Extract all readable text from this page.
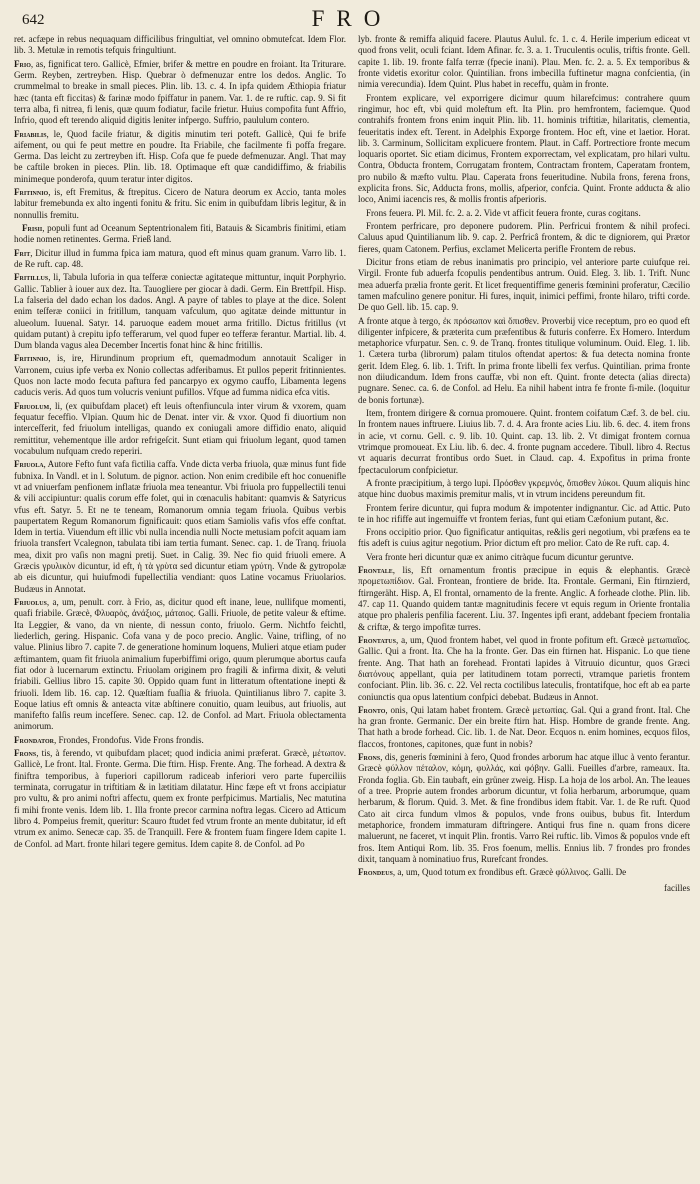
642	FRO

ret. acfæpe in rebus nequaquam difficilibus fringultiat, vel omnino obmutefcat. Idem Flor. lib. 3. Metulæ in remotis tefquis fringultiunt.

Frio, as, fignificat tero. Gallicè, Efmier, brifer & mettre en poudre en froiant. Ita Triturare. Germ. Reyben, zertreyben. Hisp. Quebrar ò defmenuzar entre los dedos. Anglic. To crummelmal to breake in small pieces. Plin. lib. 13. c. 4. In ipfa quidem Æthiopia friatur hæc (tanta eft ficcitas) & farinæ modo fpiffatur in panem. Var. 1. de re ruftic. cap. 9. Si fit terra alba, fi nitrea, fi lenis, quæ quum fodiatur, facile frietur. Huius compofita funt Affrio, Infrio, quod eft terendo aliquid digitis leniter infpergo. Suffrio, paululum contero.

Friabilis, le, Quod facile friatur, & digitis minutim teri poteft. Gallicè, Qui fe brife aifement, ou qui fe peut mettre en poudre. Ita Friabile, che facilmente fi poffa fregare. Germa. Das leicht zu zertreyben ift. Hisp. Cofa que fe puede defmenuzar. Angl. That may be caftile broken in pieces. Plin. lib. 18. Optimaque eft quæ candidiffimo, & friabilis minimeque ponderofa, quum teratur inter digitos.

Fritinnio, is, eft Fremitus, & ftrepitus. Cicero de Natura deorum ex Accio, tanta moles labitur fremebunda ex alto ingenti fonitu & fritu. Sic enim in quibufdam libris legitur, & in nonnullis fremitu.

Frisii, populi funt ad Oceanum Septentrionalem fiti, Batauis & Sicambris finitimi, etiam hodie nomen retinentes. Germa. Frieß land.

Frit, Dicitur illud in fumma fpica iam matura, quod eft minus quam granum. Varro lib. 1. de Re ruft. cap. 48.

Fritillus, li, Tabula luforia in qua teſferæ coniectæ agitateque mittuntur, inquit Porphyrio. Gallic. Tablier à iouer aux dez. Ita. Tauogliere per giocar à dadi. Germ. Ein Brettfpil. Hisp. La falseria del dado echan los dados. Angl. A payre of tables to playe at the dice. Solent enim teſferæ coniici in fritillum, tanquam vafculum, quo agitatæ deinde mittuntur in alueolum. Iuuenal. Satyr. 14. paruoque eadem mouet arma fritillo. Dictus fritillus (vt quidam putant) à crepitu ipfo tefferarum, vel quod fuper eo tefferæ ferantur. Martial. lib. 4. Dum blanda vagus alea December Incertis fonat hinc & hinc fritillis.

Fritinnio, is, ire, Hirundinum proprium eft, quemadmodum annotauit Scaliger in Varronem, cuius ipfe verba ex Nonio collectas adferibamus. Et pullos peperit fritinnientes. Quos non lacte modo fecuta paftura fed pancarpyo ex ogymo cauffo, Libamenta legens caducis veris. Ad quos tum volucris veniunt pufillos. Vfque ad fumma nidica efca vitis.

Friuolum, li, (ex quibufdam placet) eft leuis oftenfiuncula inter virum & vxorem, quam fequatur feceffio. Vlpian. Quum hic de Denat. inter vir. & vxor. Quod fi diuortium non interceſferit, fed friuolum intelligas, quando ex coniugali amore diffidio enato, aliquid remittitur, vehementque ille ardor refrigeſcit. Sunt etiam qui friuolum legant, quod tamen vocabulum nufquam credo reperiri.

Friuola, Autore Fefto funt vafa fictilia caffa. Vnde dicta verba friuola, quæ minus funt fide fubnixa. In Vandl. et in l. Solutum. de pignor. action. Non enim credibile eft hoc conuenifle vt ad vniuerfam penfionem inflatæ friuola mea teneantur. Vbi friuola pro fuppellectili tenui & vili accipiuntur: qualis corum effe folet, qui in cœnaculis habitant: quamvis & Satyricus vfus eft. Satyr. 5. Et ne te teneam, Romanorum omnia tegam friuola. Quibus verbis paupertatem Regum Romanorum fignificauit: quos etiam Samiolis vafis vfos effe conftat. Idem in tertia. Viuendum eft illic vbi nulla incendia nulli Nocte metusiam pofcit aquam iam friuola transfert Vcalegnon, tabulata tibi iam tertia fumant. Senec. cap. 1. de Tranq. friuola mea, dixit pro vaſis non magni pretij. Suet. in Calig. 39. Nec fio quid friuoli emere. A Græcis γρυλικὸν dicuntur, id eft, ἡ τὰ γρὺτα sed dicuntur etiam γρύτη. Vnde & gytropolæ ab eis dicuntur, qui huiufmodi fupellectilia vendiant: quos Latine vocamus Friuolarios. Budæus in Annotat.

Friuolus, a, um, penult. corr. à Frio, as, dicitur quod eft inane, leue, nullifque momenti, quafi friabile. Græcè, Φλυαρὸς, ἀνάξιος, μάταιος. Galli. Friuole, de petite valeur & eftime. Ita Leggier, & vano, da vn niente, di nessun conto, friuolo. Germ. Nichtfo feichtl, liederlich, gering. Hispanic. Cofa vana y de poco precio. Anglic. Vaine, trifling, of no value. Plinius libro 7. capite 7. de generatione hominum loquens, Mulieri atque etiam puder æftimantem, quam fit friuola animalium fuperbiffimi origo, quum plerumque abortus caufa fiat odor à lucernarum extinctu. Friuolam originem pro fragili & infirma dixit, & veluti friabili. Gellius libro 15. capite 30. Oppido quam funt in litteratum oftentatione inepti & friuoli. Idem lib. 16. cap. 12. Quæſtiam fuaſlia & friuola. Quintilianus libro 7. capite 3. Eoque latius eft omnis & anteacta vitæ abſtinere conuitio, quam leuibus, aut friuolis, aut manifefto falſis reum incefſere. Senec. cap. 12. de Confol. ad Mart. Friuola oblectamenta animorum.

Frondator, Frondes, Frondofus. Vide Frons frondis.

Frons, tis, à ferendo, vt quibufdam placet; quod indicia animi præferat. Græcè, μέτωπον. Gallicè, Le front. Ital. Fronte. Germa. Die ftirn. Hisp. Frente. Ang. The forhead. A dextra & finiftra temporibus, à fuperiori capillorum radiceab inferiori vero parte fuperciliis terminata, corrugatur in triftitiam & in lætitiam dilatatur. Hinc fæpe eft vt frons accipiatur pro vultu, & pro animi noftri affectu, quem ex fronte perfpicimus. Martialis, Nec matutina fi mihi fronte venis. Idem lib. 1. Illa fronte precor carmina noftra legas. Cicero ad Atticum libro 4. Pompeius fremit, queritur: Scauro ftudet fed vtrum fronte an mente dubitatur, id eft vtrum ex animo. Senecæ cap. 35. de Tranquill. Fere & frontem fuam fingere Idem capite 1. de Confol. ad Mart. fronte hilari tegere gemitus. Idem capite 8. de Confol. ad Po

lyb. fronte & remiffa aliquid facere. Plautus Aulul. fc. 1. c. 4. Herile imperium ediceat vt quod frons velit, oculi fciant. Idem Afinar. fc. 3. a. 1. Truculentis oculis, triftis fronte. Gell. capite 1. lib. 19. fronte falfa terræ (fpecie inani). Plau. Men. fc. 2. a. 5. Ex temporibus & fronte videtis exoritur color. Quintilian. frons imbecilla fuftinetur magna confcientia, (in nimia verecundia). Idem Quint. Plus habet in receffu, quàm in fronte.

Frontem explicare, vel exporrigere dicimur quum hilarefcimus: contrahere quum ringimur, hoc eft, vbi quid moleftum eft. Ita Plin. pro hemfrontem, faciemque. Quod contrahifs frontem frons enim inquit Plin. lib. 11. hominis triftitiæ, hilaritatis, clementia, feueritatis index eft. Terent. in Adelphis Exporge frontem. Hoc eft, vine et laetior. Horat. lib. 3. Carminum, Sollicitam explicuere frontem. Plaut. in Caff. Portrectiore fronte mecum loquaris oportet. Sic etiam dicimus, Frontem exporrectam, vel explicatam, pro hilari vultu. Contra, Obducta frontem, Corrugatam frontem, Contractam frontem, Caperatam frontem, pro nubilo & mæfto vultu. Plau. Caperata frons feueritudine. Nubila frons, ferena frons, explicita frons. Sic, Adducta frons, mollis, afperior, confcia. Quint. Fronte adducta & alio loco, Animi iacencis res, & mollis frontis afperioris.

Frons feuera. Pl. Mil. fc. 2. a. 2. Vide vt afficit feuera fronte, curas cogitans.

Frontem perfricare, pro deponere pudorem. Plin. Perfricui frontem & nihil profeci. Caluus apud Quintilianum lib. 9. cap. 2. Perfricâ frontem, & dic te digniorem, qui Prætor fieres, quam Catonem. Perfius, exclamet Melicerta perifle Frontem de rebus.

Dicitur frons etiam de rebus inanimatis pro principio, vel anteriore parte cuiufque rei. Virgil. Fronte fub aduerfa fcopulis pendentibus antrum. Ouid. Eleg. 3. lib. 1. Trift. Nunc mea aduerfa prælia fronte gerit. Et licet frequentiffime generis fœminini proferatur, Cæcilio tamen mafculino genere ponitur. Hi fures, inquit, inimici peffimi, fronte hilaro, trifti corde. De quo Gell. lib. 15. cap. 9.

A fronte atque à tergo, ἐκ πρόσωπον καὶ ὄπισθεν. Proverbij vice receptum, pro eo quod eft diligenter infpicere, & præterita cum præfentibus & futuris conferre. Ex Homero. Interdum metaphorice vfurpatur. Sen. c. 9. de Tranq. frontes titulique voluminum. Ouid. Eleg. 1. lib. 1. Cætera turba (librorum) palam titulos oftendat apertos: & fua detecta nomina fronte gerit. Idem Eleg. 6. lib. 1. Trift. In prima fronte libelli fex verfus. Quintilian. prima fronte non diiudicandum. Idem frons cauffæ, vbi non eft. Quint. fronte detecta (alias directa) pugnare. Senec. ca. 6. de Confol. ad Helu. Ea nihil habent intra fe fronte fi-mile. (loquitur de bonis fortunæ).

Item, frontem dirigere & cornua promouere. Quint. frontem coifatum Cæf. 3. de bel. ciu. In frontem naues inftruere. Liuius lib. 7. d. 4. Ara fronte acies Liu. lib. 6. dec. 4. item frons in acie, vt cornu. Gell. c. 9. lib. 10. Quint. cap. 13. lib. 2. Vt dimigat frontem cornua vtrimque promoueat. Ex Liu. lib. 6. dec. 4. fronte pugnam accedere. Tibull. libro 4. Rectus vt aquaris decurrat frontibus ordo Suet. in Claud. cap. 4. Expofitus in prima fronte fpectaculorum confpicietur.

A fronte præcipitium, à tergo lupi. Πρόσθεν γκρεμνός, ὄπισθεν λύκοι. Quum aliquis hinc atque hinc duobus maximis premitur malis, vt in vtrum incidens pereundum fit.

Frontem ferire dicuntur, qui fupra modum & impotenter indignantur. Cic. ad Attic. Puto te in hoc rififfe aut ingemuiffe vt frontem ferias, funt qui etiam Cæfonium putant, &c.

Frons occipitio prior. Quo fignificatur antiquitas, re&lis geri negotium, vbi præfens ea te ftis adeft is cuius agitur negotium. Prior dictum eft pro melior. Cato de Re ruft. cap. 4.

Vera fronte heri dicuntur quæ ex animo citràque fucum dicuntur geruntve.

Frontale, lis, Eft ornamentum frontis præcipue in equis & elephantis. Græcè προμετωπίδιον. Gal. Frontean, frontiere de bride. Ita. Frontale. Germani, Ein ftirnzierd, ftirngeräht. Hisp. A, El frontal, ornamento de la frente. Anglic. A forheade clothe. Plin. lib. 47. cap 11. Quando quidem tantæ magnitudinis fecere vt equis regum in Oriente frontalia atque pro phaleris penfilia facerent. Liu. 37. Ingentes ipfi erant, addebant fpeciem frontalia & criftæ, & tergo impofitæ turres.

Frontatus, a, um, Quod frontem habet, vel quod in fronte pofitum eft. Græcè μετωπιαῖος. Gallic. Qui a front. Ita. Che ha la fronte. Ger. Das ein ftirnen hat. Hispanic. Lo que tiene frente. Ang. That hath an forehead. Frontati lapides à Vitruuio dicuntur, quos Græci διατόνους appellant, quia per latitudinem totam porrecti, vtramque parietis frontem confociant. Plin. lib. 36. c. 22. Vel recta coctilibus lateculis, frontatifque, hoc eft ab ea parte coniunctis qua opus latentium confpici debebat. Budæus in Annot.

Fronto, onis, Qui latam habet frontem. Græcè μετωπίας. Gal. Qui a grand front. Ital. Che ha gran fronte. Germanic. Der ein breite ftirn hat. Hisp. Hombre de grande frente. Ang. That hath a brode forhead. Cic. lib. 1. de Nat. Deor. Ecquos n. enim homines, ecquos filos, flaccos, frontones, capitones, quæ funt in nobis?

Frons, dis, generis fœminini à fero, Quod frondes arborum hac atque illuc à vento ferantur. Græcè φύλλον πέταλον, κόμη, φυλλάς, καὶ φόβην. Galli. Fueilles d'arbre, rameaux. Ita. Fronda foglia. Gb. Ein taubaft, ein grüner zweig. Hisp. La hoja de los arbol. An. The leaues of a tree. Proprie autem frondes arborum dicuntur, vt folia herbarum, arborumque, quam herbarum, & florum. Quid. 3. Met. & fine frondibus idem ftabit. Var. 1. de Re ruft. Quod Cato ait circa fundum vlmos & populos, vnde frons ouibus, bubus fit. Interdum metaphorice, frondem immaturam diftringere. Antiqui frus fine n. quam frons dicere maluerunt, ne faceret, vt inquit Plin. frontis. Varro Rei ruftic. lib. Vimos & populos vnde eft fros. Item Antiqui Rom. lib. 35. Fros foenum, mellis. Ennius lib. 7 frondes pro frondes dixit, tanquam à nominatiuo frus, Rurefcant frondes.

Frondeus, a, um, Quod totum ex frondibus eft. Græcè φύλλινος. Galli. De

facilles
